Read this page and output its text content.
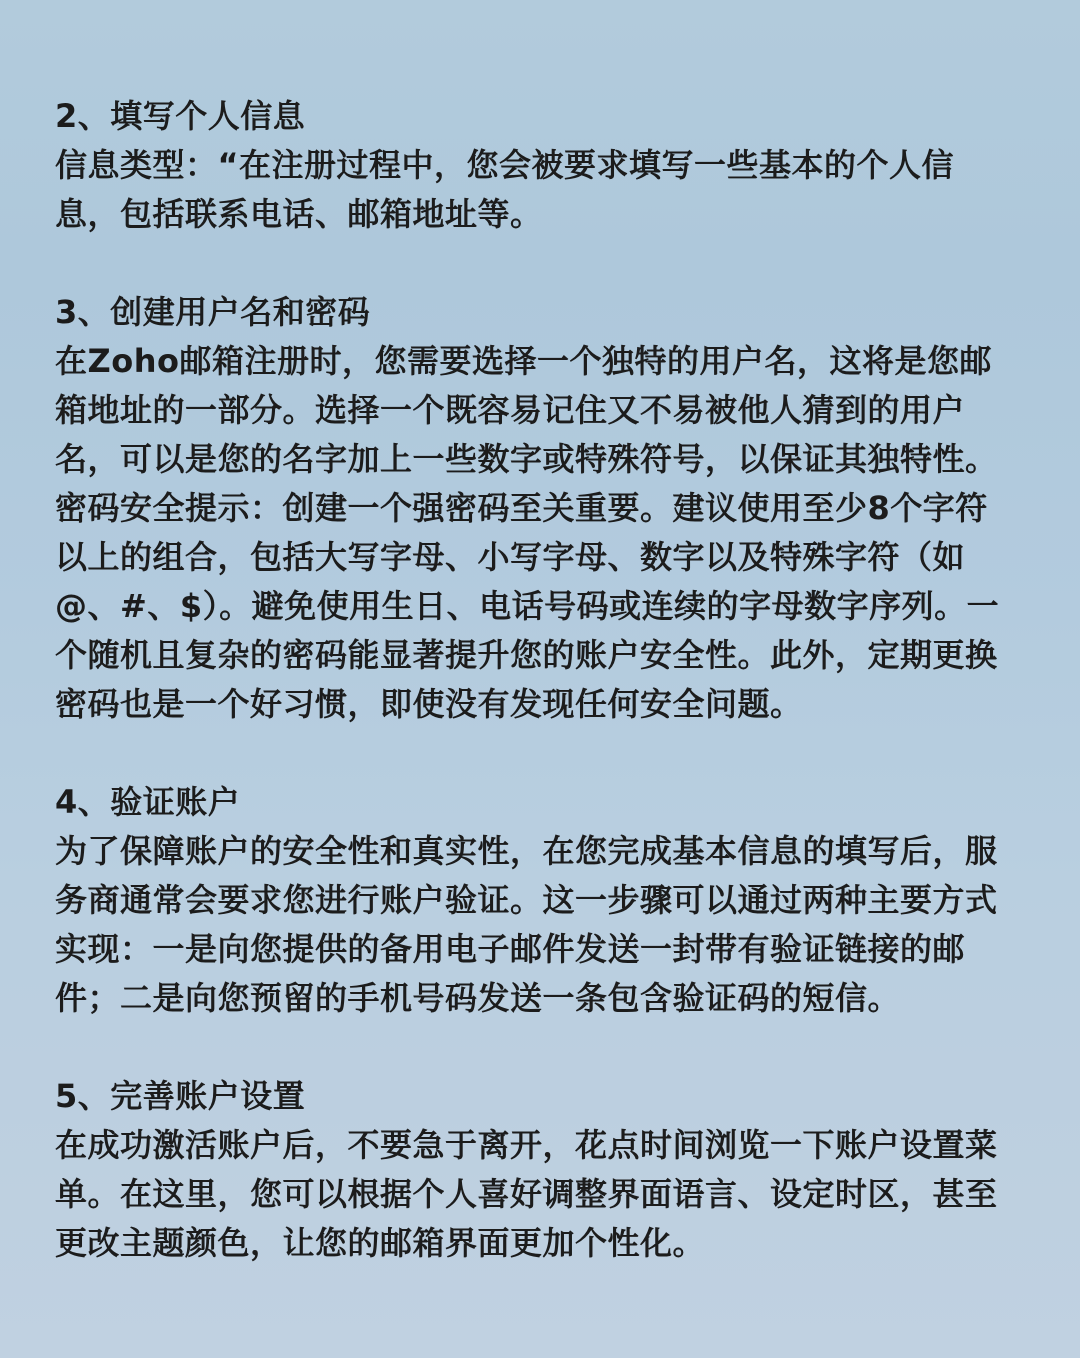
2、填写个人信息
信息类型：“在注册过程中，您会被要求填写一些基本的个人信
息，包括联系电话、邮箱地址等。
3、创建用户名和密码
在Zoho邮箱注册时，您需要选择一个独特的用户名，这将是您邮
箱地址的一部分。选择一个既容易记住又不易被他人猜到的用户
名，可以是您的名字加上一些数字或特殊符号，以保证其独特性。
密码安全提示：创建一个强密码至关重要。建议使用至少8个字符
以上的组合，包括大写字母、小写字母、数字以及特殊字符（如
@、#、$）。避免使用生日、电话号码或连续的字母数字序列。一
个随机且复杂的密码能显著提升您的账户安全性。此外，定期更换
密码也是一个好习惯，即使没有发现任何安全问题。
4、验证账户
为了保障账户的安全性和真实性，在您完成基本信息的填写后，服
务商通常会要求您进行账户验证。这一步骤可以通过两种主要方式
实现：一是向您提供的备用电子邮件发送一封带有验证链接的邮
件；二是向您预留的手机号码发送一条包含验证码的短信。
5、完善账户设置
在成功激活账户后，不要急于离开，花点时间浏览一下账户设置菜
单。在这里，您可以根据个人喜好调整界面语言、设定时区，甚至
更改主题颜色，让您的邮箱界面更加个性化。
